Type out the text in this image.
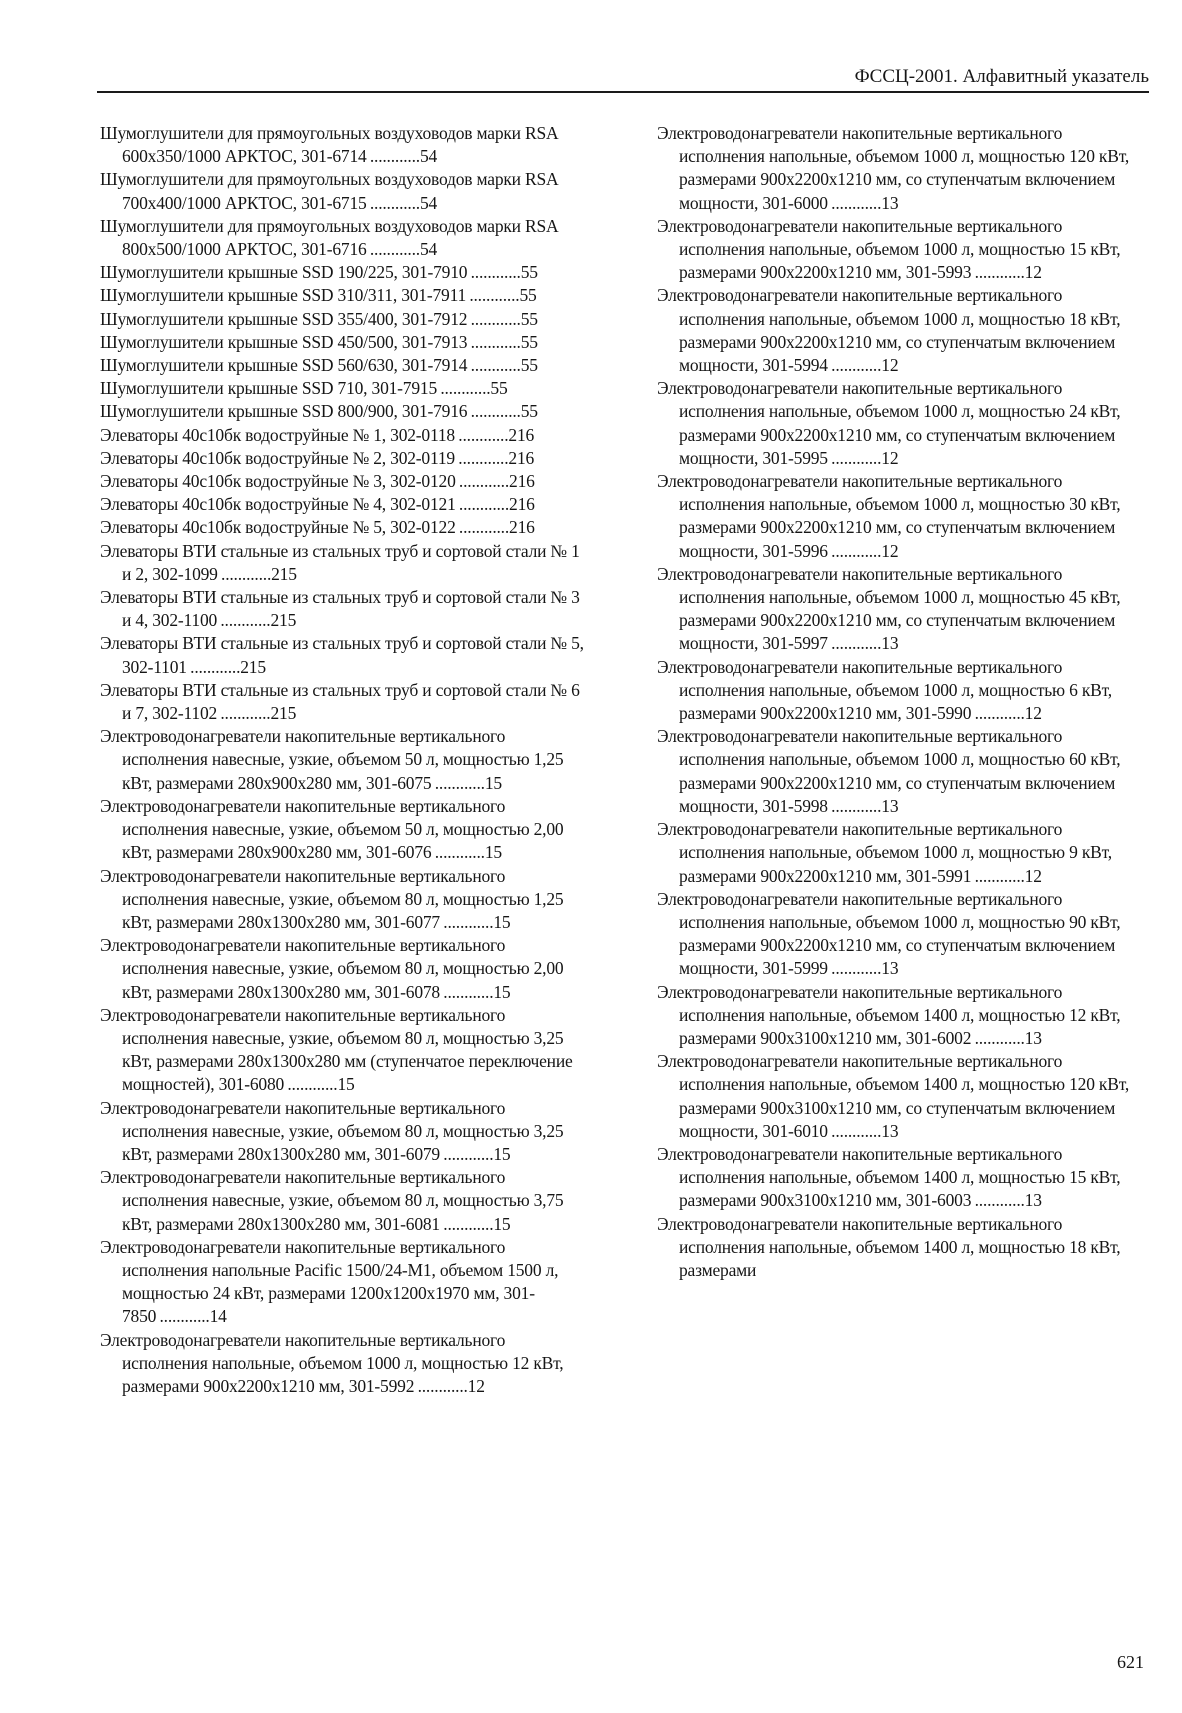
ФССЦ-2001. Алфавитный указатель

Шумоглушители для прямоугольных воздуховодов марки RSA 600x350/1000 АРКТОС, 301-6714 ............54

Шумоглушители для прямоугольных воздуховодов марки RSA 700x400/1000 АРКТОС, 301-6715 ............54

Шумоглушители для прямоугольных воздуховодов марки RSA 800x500/1000 АРКТОС, 301-6716 ............54

Шумоглушители крышные SSD 190/225, 301-7910 ............55

Шумоглушители крышные SSD 310/311, 301-7911 ............55

Шумоглушители крышные SSD 355/400, 301-7912 ............55

Шумоглушители крышные SSD 450/500, 301-7913 ............55

Шумоглушители крышные SSD 560/630, 301-7914 ............55

Шумоглушители крышные SSD 710, 301-7915 ............55

Шумоглушители крышные SSD 800/900, 301-7916 ............55

Элеваторы 40с10бк водоструйные № 1, 302-0118 ............216

Элеваторы 40с10бк водоструйные № 2, 302-0119 ............216

Элеваторы 40с10бк водоструйные № 3, 302-0120 ............216

Элеваторы 40с10бк водоструйные № 4, 302-0121 ............216

Элеваторы 40с10бк водоструйные № 5, 302-0122 ............216

Элеваторы ВТИ стальные из стальных труб и сортовой стали № 1 и 2, 302-1099 ............215

Элеваторы ВТИ стальные из стальных труб и сортовой стали № 3 и 4, 302-1100 ............215

Элеваторы ВТИ стальные из стальных труб и сортовой стали № 5, 302-1101 ............215

Элеваторы ВТИ стальные из стальных труб и сортовой стали № 6 и 7, 302-1102 ............215

Электроводонагреватели накопительные вертикального исполнения навесные, узкие, объемом 50 л, мощностью 1,25 кВт, размерами 280x900x280 мм, 301-6075 ............15

Электроводонагреватели накопительные вертикального исполнения навесные, узкие, объемом 50 л, мощностью 2,00 кВт, размерами 280x900x280 мм, 301-6076 ............15

Электроводонагреватели накопительные вертикального исполнения навесные, узкие, объемом 80 л, мощностью 1,25 кВт, размерами 280x1300x280 мм, 301-6077 ............15

Электроводонагреватели накопительные вертикального исполнения навесные, узкие, объемом 80 л, мощностью 2,00 кВт, размерами 280x1300x280 мм, 301-6078 ............15

Электроводонагреватели накопительные вертикального исполнения навесные, узкие, объемом 80 л, мощностью 3,25 кВт, размерами 280x1300x280 мм (ступенчатое переключение мощностей), 301-6080 ............15

Электроводонагреватели накопительные вертикального исполнения навесные, узкие, объемом 80 л, мощностью 3,25 кВт, размерами 280x1300x280 мм, 301-6079 ............15

Электроводонагреватели накопительные вертикального исполнения навесные, узкие, объемом 80 л, мощностью 3,75 кВт, размерами 280x1300x280 мм, 301-6081 ............15

Электроводонагреватели накопительные вертикального исполнения напольные Pacific 1500/24-M1, объемом 1500 л, мощностью 24 кВт, размерами 1200x1200x1970 мм, 301-7850 ............14

Электроводонагреватели накопительные вертикального исполнения напольные, объемом 1000 л, мощностью 12 кВт, размерами 900x2200x1210 мм, 301-5992 ............12

Электроводонагреватели накопительные вертикального исполнения напольные, объемом 1000 л, мощностью 120 кВт, размерами 900x2200x1210 мм, со ступенчатым включением мощности, 301-6000 ............13

Электроводонагреватели накопительные вертикального исполнения напольные, объемом 1000 л, мощностью 15 кВт, размерами 900x2200x1210 мм, 301-5993 ............12

Электроводонагреватели накопительные вертикального исполнения напольные, объемом 1000 л, мощностью 18 кВт, размерами 900x2200x1210 мм, со ступенчатым включением мощности, 301-5994 ............12

Электроводонагреватели накопительные вертикального исполнения напольные, объемом 1000 л, мощностью 24 кВт, размерами 900x2200x1210 мм, со ступенчатым включением мощности, 301-5995 ............12

Электроводонагреватели накопительные вертикального исполнения напольные, объемом 1000 л, мощностью 30 кВт, размерами 900x2200x1210 мм, со ступенчатым включением мощности, 301-5996 ............12

Электроводонагреватели накопительные вертикального исполнения напольные, объемом 1000 л, мощностью 45 кВт, размерами 900x2200x1210 мм, со ступенчатым включением мощности, 301-5997 ............13

Электроводонагреватели накопительные вертикального исполнения напольные, объемом 1000 л, мощностью 6 кВт, размерами 900x2200x1210 мм, 301-5990 ............12

Электроводонагреватели накопительные вертикального исполнения напольные, объемом 1000 л, мощностью 60 кВт, размерами 900x2200x1210 мм, со ступенчатым включением мощности, 301-5998 ............13

Электроводонагреватели накопительные вертикального исполнения напольные, объемом 1000 л, мощностью 9 кВт, размерами 900x2200x1210 мм, 301-5991 ............12

Электроводонагреватели накопительные вертикального исполнения напольные, объемом 1000 л, мощностью 90 кВт, размерами 900x2200x1210 мм, со ступенчатым включением мощности, 301-5999 ............13

Электроводонагреватели накопительные вертикального исполнения напольные, объемом 1400 л, мощностью 12 кВт, размерами 900x3100x1210 мм, 301-6002 ............13

Электроводонагреватели накопительные вертикального исполнения напольные, объемом 1400 л, мощностью 120 кВт, размерами 900x3100x1210 мм, со ступенчатым включением мощности, 301-6010 ............13

Электроводонагреватели накопительные вертикального исполнения напольные, объемом 1400 л, мощностью 15 кВт, размерами 900x3100x1210 мм, 301-6003 ............13

Электроводонагреватели накопительные вертикального исполнения напольные, объемом 1400 л, мощностью 18 кВт, размерами

621
